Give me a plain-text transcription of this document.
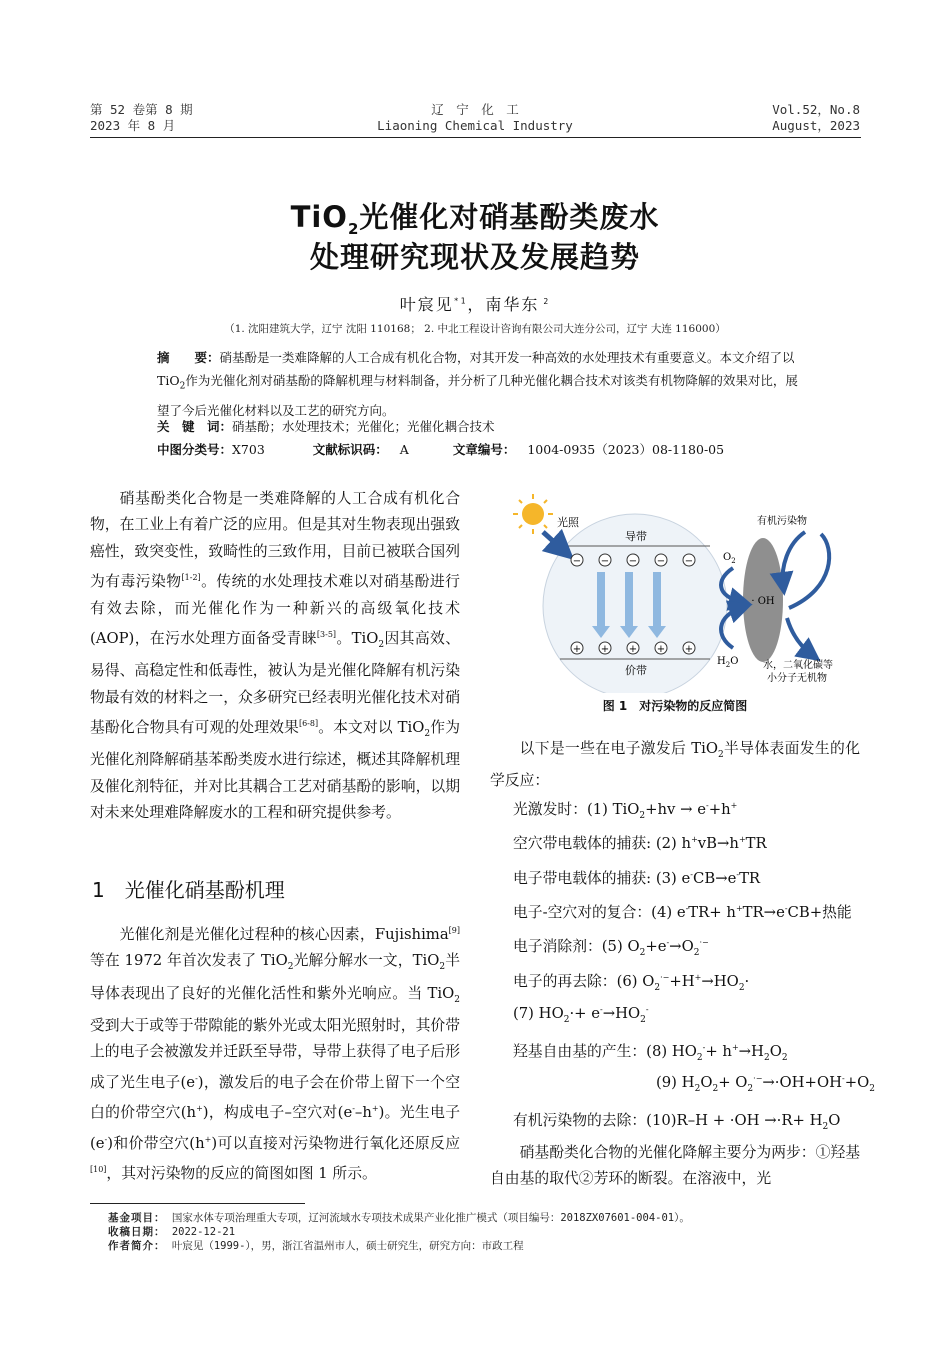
第 52 卷第 8 期
2023 年 8 月
辽　宁　化　工
Liaoning Chemical Industry
Vol.52，No.8
August，2023
TiO$_2$光催化对硝基酚类废水
处理研究现状及发展趋势
叶宸见$^{*1}$，南华东 $^2$
（1. 沈阳建筑大学，辽宁 沈阳 110168； 2. 中北工程设计咨询有限公司大连分公司，辽宁 大连 116000）
摘　　要：硝基酚是一类难降解的人工合成有机化合物，对其开发一种高效的水处理技术有重要意义。本文介绍了以 TiO$_2$作为光催化剂对硝基酚的降解机理与材料制备，并分析了几种光催化耦合技术对该类有机物降解的效果对比，展望了今后光催化材料以及工艺的研究方向。
关　键　词：硝基酚；水处理技术；光催化；光催化耦合技术
中图分类号：X703	文献标识码： A	文章编号： 1004-0935（2023）08-1180-05

硝基酚类化合物是一类难降解的人工合成有机化合物，在工业上有着广泛的应用。但是其对生物表现出强致癌性，致突变性，致畸性的三致作用，目前已被联合国列为有毒污染物[1-2]。传统的水处理技术难以对硝基酚进行有效去除，而光催化作为一种新兴的高级氧化技术(AOP)，在污水处理方面备受青睐[3-5]。TiO$_2$因其高效、易得、高稳定性和低毒性，被认为是光催化降解有机污染物最有效的材料之一，众多研究已经表明光催化技术对硝基酚化合物具有可观的处理效果[6-8]。本文对以 TiO$_2$作为光催化剂降解硝基苯酚类废水进行综述，概述其降解机理及催化剂特征，并对比其耦合工艺对硝基酚的影响，以期对未来处理难降解废水的工程和研究提供参考。

1　光催化硝基酚机理

光催化剂是光催化过程种的核心因素，Fujishima[9]等在 1972 年首次发表了 TiO$_2$光解分解水一文，TiO$_2$半导体表现出了良好的光催化活性和紫外光响应。当 TiO$_2$受到大于或等于带隙能的紫外光或太阳光照射时，其价带上的电子会被激发并迁跃至导带，导带上获得了电子后形成了光生电子(e-)，激发后的电子会在价带上留下一个空白的价带空穴(h+)，构成电子–空穴对(e-–h+)。光生电子(e-)和价带空穴(h+)可以直接对污染物进行氧化还原反应[10]，其对污染物的反应的简图如图 1 所示。

导带
价带
光照
− − − − −
+ + + + +
· OH
$O_2$
$H_2O$
有机污染物
水，二氧化碳等
小分子无机物
图 1　对污染物的反应简图

以下是一些在电子激发后 TiO$_2$半导体表面发生的化学反应：

光激发时：(1) TiO$_2$+hv → e-+h+
空穴带电载体的捕获: (2) h+vB→h+TR
电子带电载体的捕获: (3) e-CB→e-TR
电子-空穴对的复合：(4) e-TR+ h+TR→e-CB+热能
电子消除剂：(5) $O_2+e^-\to O_2^{\cdot-}$
电子的再去除：(6) $O_2^{\cdot-}+H^+\to HO_2\cdot$
(7) $HO_2\cdot+ e^-\to HO_2^-$
羟基自由基的产生：(8) $HO_2^-+ h^+\to H_2O_2$
(9) $H_2O_2+ O_2^{\cdot-}\to\cdot OH+OH^-+O_2$
有机污染物的去除：$(10)R-H + \cdot OH \to\cdot R+ H_2O$

硝基酚类化合物的光催化降解主要分为两步：①羟基自由基的取代②芳环的断裂。在溶液中，光

基金项目： 国家水体专项治理重大专项，辽河流域水专项技术成果产业化推广模式（项目编号：2018ZX07601-004-01）。
收稿日期： 2022-12-21
作者简介： 叶宸见（1999-），男，浙江省温州市人，硕士研究生，研究方向：市政工程
